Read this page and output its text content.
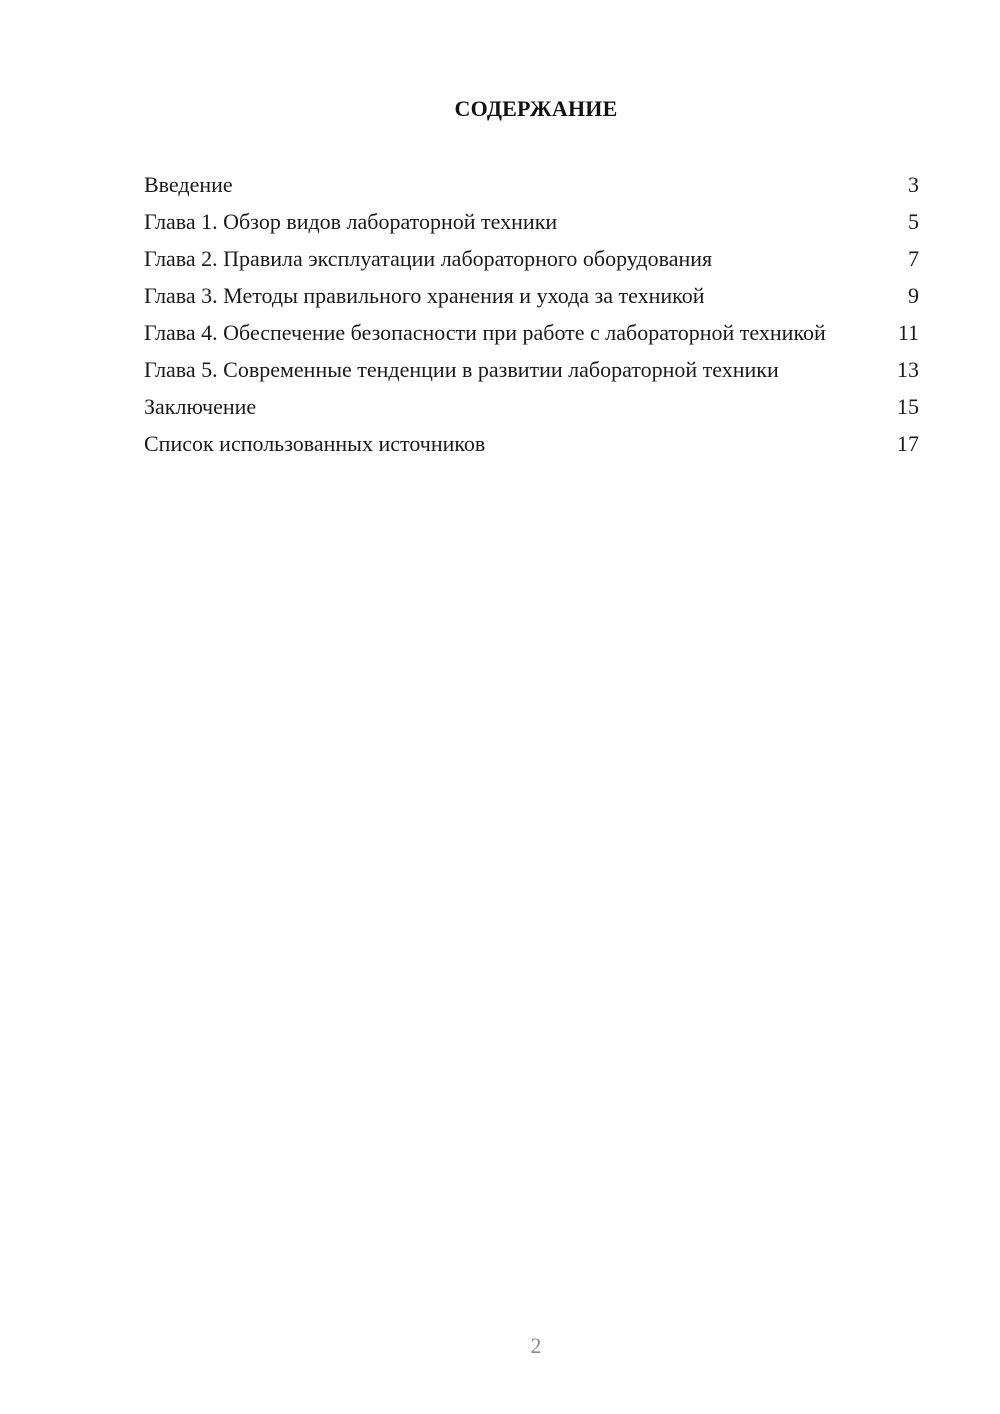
СОДЕРЖАНИЕ
Введение	3
Глава 1. Обзор видов лабораторной техники	5
Глава 2. Правила эксплуатации лабораторного оборудования	7
Глава 3. Методы правильного хранения и ухода за техникой	9
Глава 4. Обеспечение безопасности при работе с лабораторной техникой	11
Глава 5. Современные тенденции в развитии лабораторной техники	13
Заключение	15
Список использованных источников	17
2
